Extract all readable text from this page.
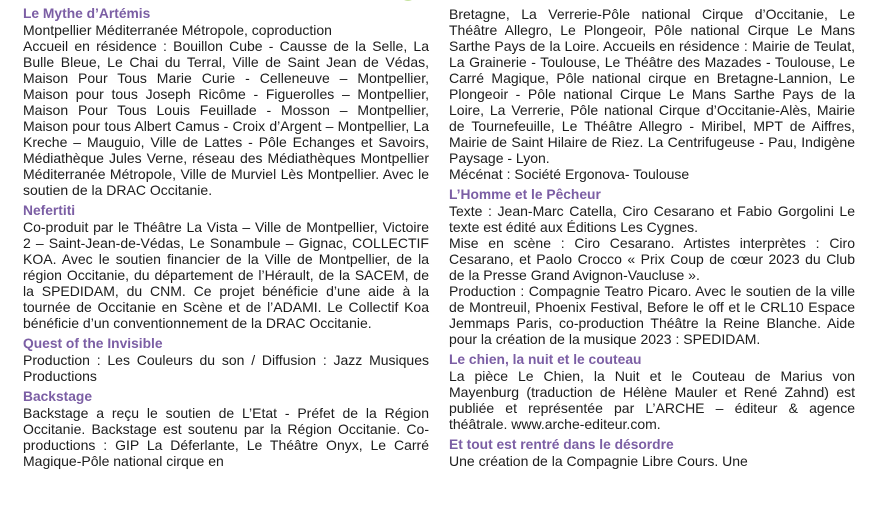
Le Mythe d’Artémis

Montpellier Méditerranée Métropole, coproduction

Accueil en résidence : Bouillon Cube - Causse de la Selle, La Bulle Bleue, Le Chai du Terral, Ville de Saint Jean de Védas, Maison Pour Tous Marie Curie - Celleneuve – Montpellier, Maison pour tous Joseph Ricôme - Figuerolles – Montpellier, Maison Pour Tous Louis Feuillade - Mosson – Montpellier, Maison pour tous Albert Camus - Croix d’Argent – Montpellier, La Kreche – Mauguio, Ville de Lattes - Pôle Echanges et Savoirs, Médiathèque Jules Verne, réseau des Médiathèques Montpellier Méditerranée Métropole, Ville de Murviel Lès Montpellier. Avec le soutien de la DRAC Occitanie.

Nefertiti

Co-produit par le Théâtre La Vista – Ville de Montpellier, Victoire 2 – Saint-Jean-de-Védas, Le Sonambule – Gignac, COLLECTIF KOA. Avec le soutien financier de la Ville de Montpellier, de la région Occitanie, du département de l’Hérault, de la SACEM, de la SPEDIDAM, du CNM. Ce projet bénéficie d’une aide à la tournée de Occitanie en Scène et de l’ADAMI. Le Collectif Koa bénéficie d’un conventionnement de la DRAC Occitanie.

Quest of the Invisible

Production : Les Couleurs du son / Diffusion : Jazz Musiques Productions

Backstage

Backstage a reçu le soutien de L’Etat - Préfet de la Région Occitanie. Backstage est soutenu par la Région Occitanie. Co-productions : GIP La Déferlante, Le Théâtre Onyx, Le Carré Magique-Pôle national cirque en

Bretagne, La Verrerie-Pôle national Cirque d’Occitanie, Le Théâtre Allegro, Le Plongeoir, Pôle national Cirque Le Mans Sarthe Pays de la Loire. Accueils en résidence : Mairie de Teulat, La Grainerie - Toulouse, Le Théâtre des Mazades - Toulouse, Le Carré Magique, Pôle national cirque en Bretagne-Lannion, Le Plongeoir - Pôle national Cirque Le Mans Sarthe Pays de la Loire, La Verrerie, Pôle national Cirque d’Occitanie-Alès, Mairie de Tournefeuille, Le Théâtre Allegro - Miribel, MPT de Aiffres, Mairie de Saint Hilaire de Riez. La Centrifugeuse - Pau, Indigène Paysage - Lyon.

Mécénat : Société Ergonova- Toulouse

L’Homme et le Pêcheur

Texte : Jean-Marc Catella, Ciro Cesarano et Fabio Gorgolini Le texte est édité aux Éditions Les Cygnes.

Mise en scène : Ciro Cesarano. Artistes interprètes : Ciro Cesarano, et Paolo Crocco « Prix Coup de cœur 2023 du Club de la Presse Grand Avignon-Vaucluse ».

Production : Compagnie Teatro Picaro. Avec le soutien de la ville de Montreuil, Phoenix Festival, Before le off et le CRL10 Espace Jemmaps Paris, co-production Théâtre la Reine Blanche. Aide pour la création de la musique 2023 : SPEDIDAM.

Le chien, la nuit et le couteau

La pièce Le Chien, la Nuit et le Couteau de Marius von Mayenburg (traduction de Hélène Mauler et René Zahnd) est publiée et représentée par L’ARCHE – éditeur & agence théâtrale. www.arche-editeur.com.

Et tout est rentré dans le désordre

Une création de la Compagnie Libre Cours. Une
